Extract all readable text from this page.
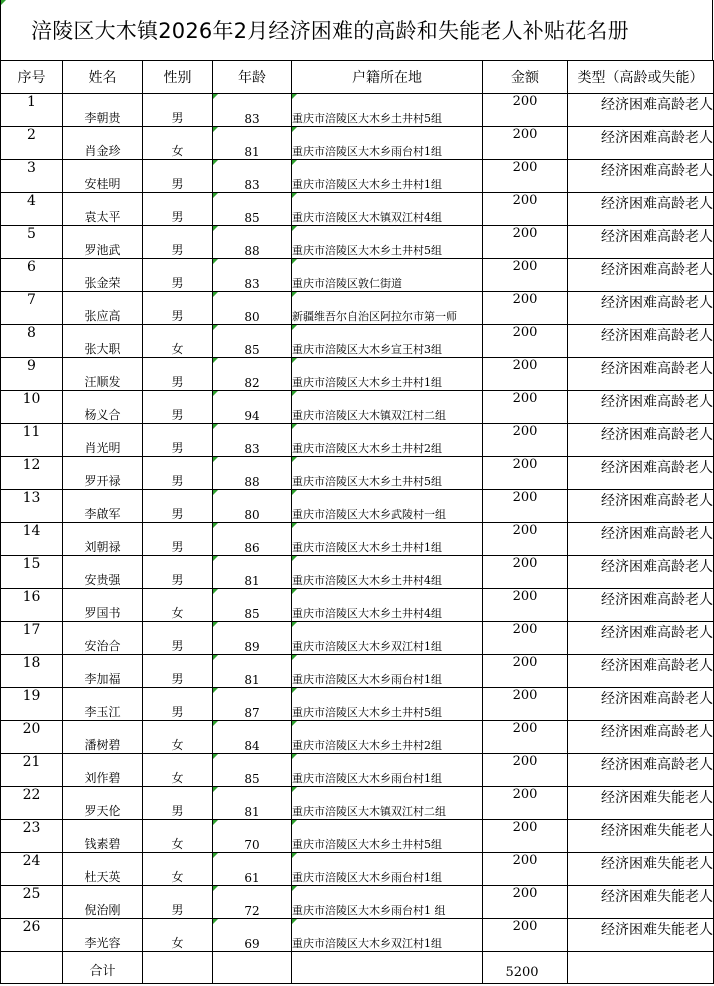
涪陵区大木镇2026年2月经济困难的高龄和失能老人补贴花名册
序号	姓名	性别	年龄	户籍所在地	金额	类型（高龄或失能）
1	李朝贵	男	83	重庆市涪陵区大木乡土井村5组	200	经济困难高龄老人
2	肖金珍	女	81	重庆市涪陵区大木乡雨台村1组	200	经济困难高龄老人
3	安桂明	男	83	重庆市涪陵区大木乡土井村1组	200	经济困难高龄老人
4	袁太平	男	85	重庆市涪陵区大木镇双江村4组	200	经济困难高龄老人
5	罗池武	男	88	重庆市涪陵区大木乡土井村5组	200	经济困难高龄老人
6	张金荣	男	83	重庆市涪陵区敦仁街道	200	经济困难高龄老人
7	张应高	男	80	新疆维吾尔自治区阿拉尔市第一师	200	经济困难高龄老人
8	张大职	女	85	重庆市涪陵区大木乡宣王村3组	200	经济困难高龄老人
9	汪顺发	男	82	重庆市涪陵区大木乡土井村1组	200	经济困难高龄老人
10	杨义合	男	94	重庆市涪陵区大木镇双江村二组	200	经济困难高龄老人
11	肖光明	男	83	重庆市涪陵区大木乡土井村2组	200	经济困难高龄老人
12	罗开禄	男	88	重庆市涪陵区大木乡土井村5组	200	经济困难高龄老人
13	李啟军	男	80	重庆市涪陵区大木乡武陵村一组	200	经济困难高龄老人
14	刘朝禄	男	86	重庆市涪陵区大木乡土井村1组	200	经济困难高龄老人
15	安贵强	男	81	重庆市涪陵区大木乡土井村4组	200	经济困难高龄老人
16	罗国书	女	85	重庆市涪陵区大木乡土井村4组	200	经济困难高龄老人
17	安治合	男	89	重庆市涪陵区大木乡双江村1组	200	经济困难高龄老人
18	李加福	男	81	重庆市涪陵区大木乡雨台村1组	200	经济困难高龄老人
19	李玉江	男	87	重庆市涪陵区大木乡土井村5组	200	经济困难高龄老人
20	潘树碧	女	84	重庆市涪陵区大木乡土井村2组	200	经济困难高龄老人
21	刘作碧	女	85	重庆市涪陵区大木乡雨台村1组	200	经济困难高龄老人
22	罗天伦	男	81	重庆市涪陵区大木镇双江村二组	200	经济困难失能老人
23	钱素碧	女	70	重庆市涪陵区大木乡土井村5组	200	经济困难失能老人
24	杜天英	女	61	重庆市涪陵区大木乡雨台村1组	200	经济困难失能老人
25	倪治刚	男	72	重庆市涪陵区大木乡雨台村1 组	200	经济困难失能老人
26	李光容	女	69	重庆市涪陵区大木乡双江村1组	200	经济困难失能老人
	合计				5200	
